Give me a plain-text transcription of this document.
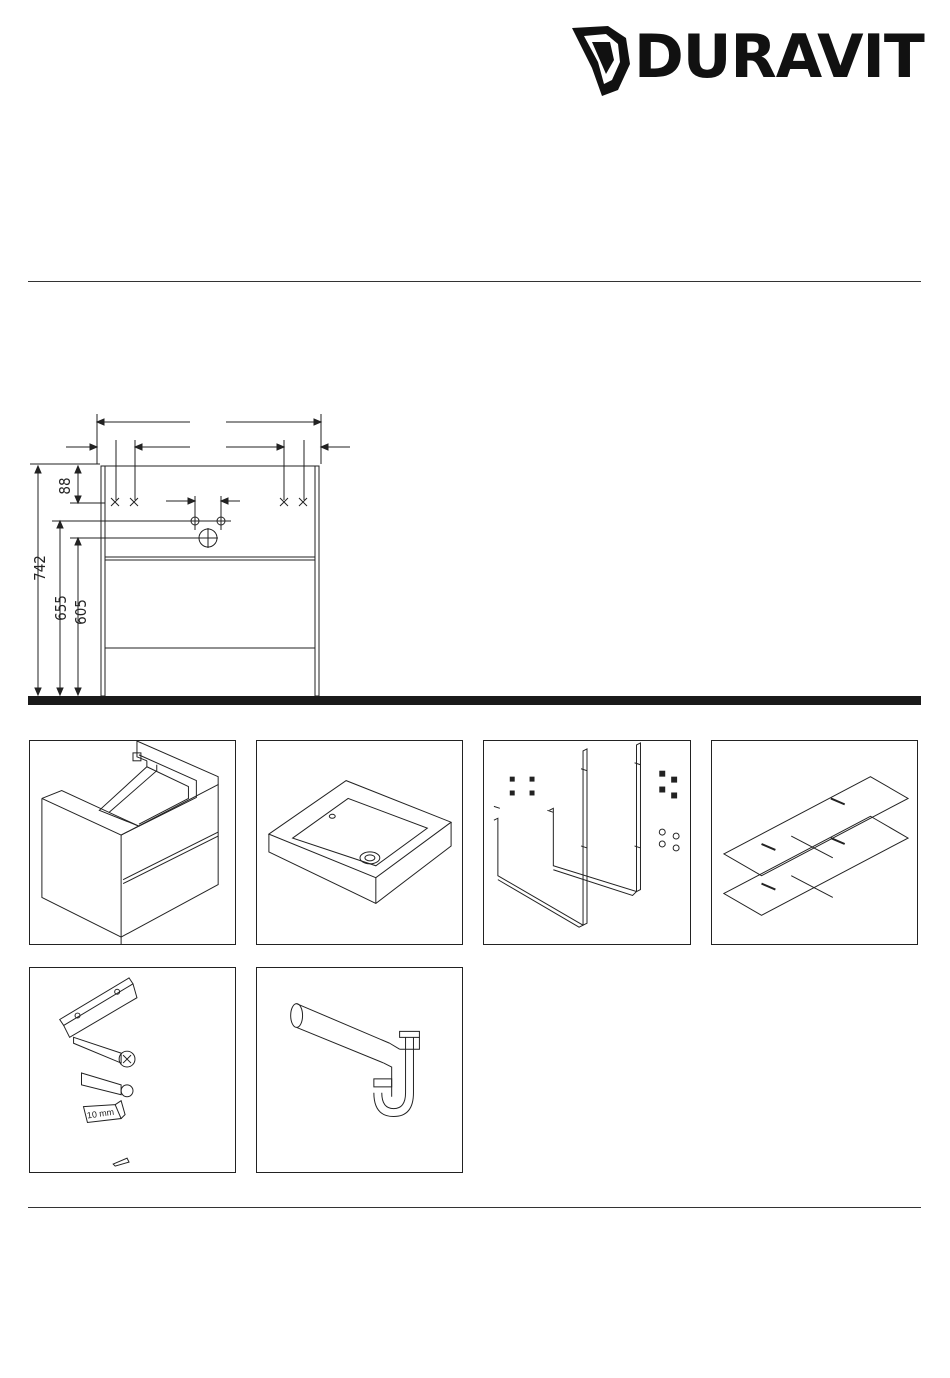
DURAVIT
742
655 605
88
10 mm
